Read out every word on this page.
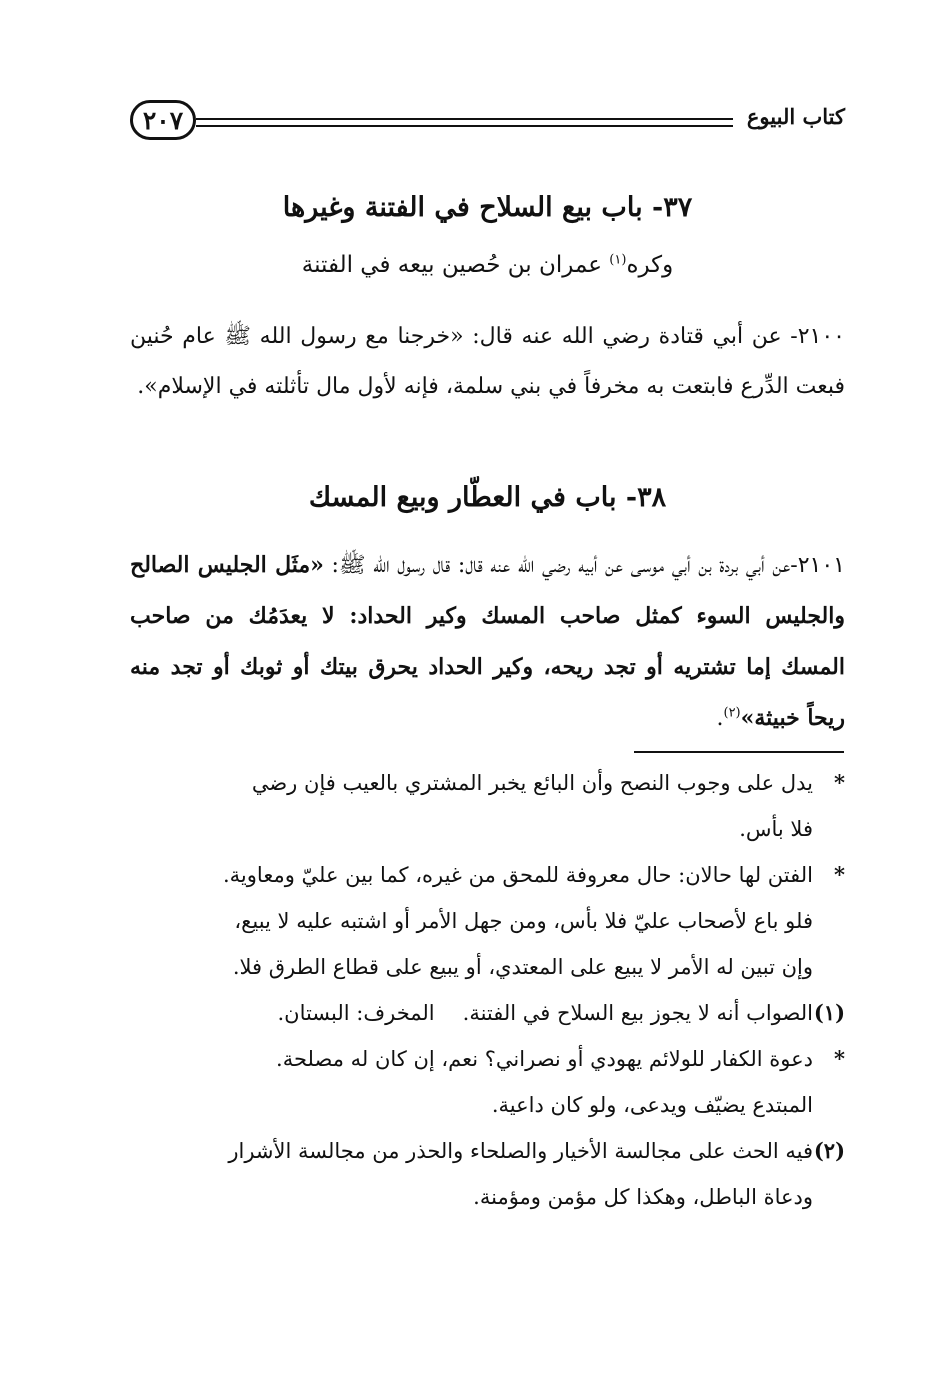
كتاب البيوع
٢٠٧
٣٧- باب بيع السلاح في الفتنة وغيرها
وكره$^{(١)}$ عمران بن حُصين بيعه في الفتنة
٢١٠٠- عن أبي قتادة رضي الله عنه قال: «خرجنا مع رسول الله ﷺ عام حُنين فبعت الدِّرع فابتعت به مخرفاً في بني سلمة، فإنه لأول مال تأثلته في الإسلام».
٣٨- باب في العطّار وبيع المسك
٢١٠١-عن أبي بردة بن أبي موسى عن أبيه رضي الله عنه قال: قال رسول الله ﷺ: «مثَل الجليس الصالح والجليس السوء كمثل صاحب المسك وكير الحداد: لا يعدَمُك من صاحب المسك إما تشتريه أو تجد ريحه، وكير الحداد يحرق بيتك أو ثوبك أو تجد منه ريحاً خبيثة»$^{(٢)}$.

*يدل على وجوب النصح وأن البائع يخبر المشتري بالعيب فإن رضي

فلا بأس.

*الفتن لها حالان: حال معروفة للمحق من غيره، كما بين عليّ ومعاوية.

فلو باع لأصحاب عليّ فلا بأس، ومن جهل الأمر أو اشتبه عليه لا يبيع،

وإن تبين له الأمر لا يبيع على المعتدي، أو يبيع على قطاع الطرق فلا.

(١)الصواب أنه لا يجوز بيع السلاح في الفتنة.المخرف: البستان.

*دعوة الكفار للولائم يهودي أو نصراني؟ نعم، إن كان له مصلحة.

المبتدع يضيّف ويدعى، ولو كان داعية.

(٢)فيه الحث على مجالسة الأخيار والصلحاء والحذر من مجالسة الأشرار

ودعاة الباطل، وهكذا كل مؤمن ومؤمنة.
